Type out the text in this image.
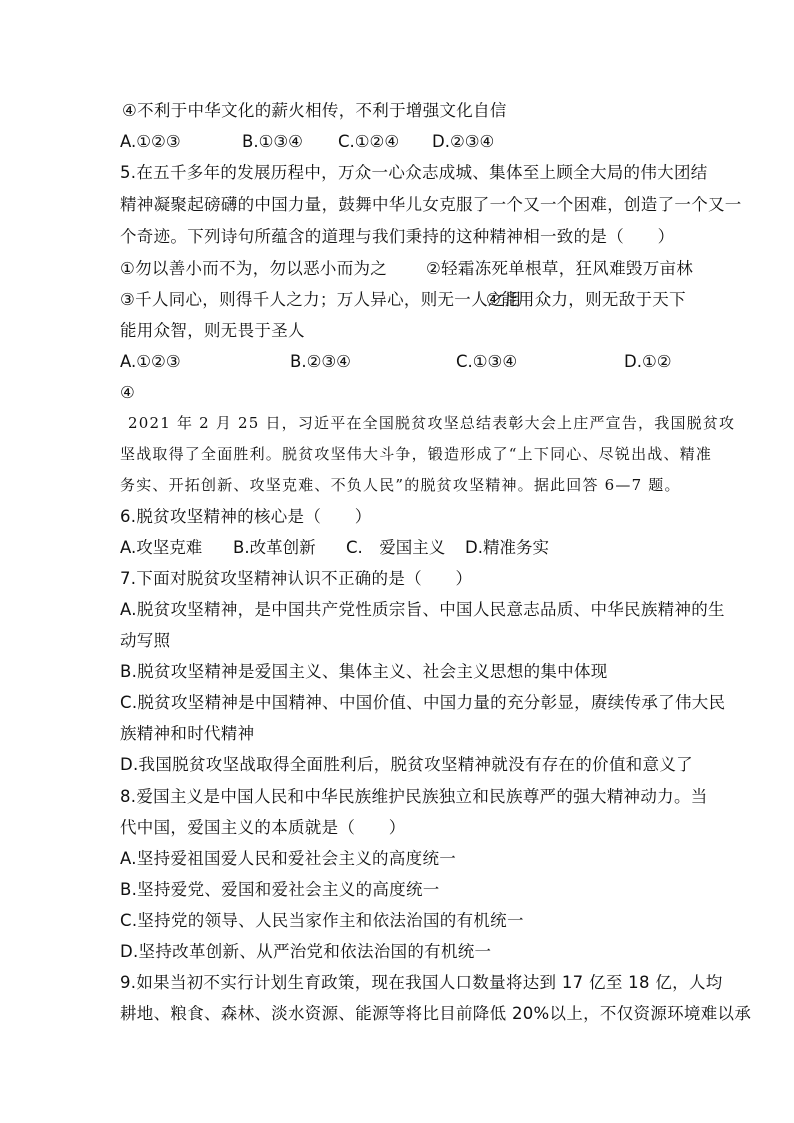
④不利于中华文化的薪火相传，不利于增强文化自信
A.①②③	B.①③④ C.①②④ D.②③④
5.在五千多年的发展历程中，万众一心众志成城、集体至上顾全大局的伟大团结
精神凝聚起磅礴的中国力量，鼓舞中华儿女克服了一个又一个困难，创造了一个又一
个奇迹。下列诗句所蕴含的道理与我们秉持的这种精神相一致的是（　　）
①勿以善小而不为，勿以恶小而为之 ②轻霜冻死单根草，狂风难毁万亩林
③千人同心，则得千人之力；万人异心，则无一人之用
④能用众力，则无敌于天下
能用众智，则无畏于圣人
A.①②③	B.②③④	C.①③④	D.①②
④
2021 年 2 月 25 日，习近平在全国脱贫攻坚总结表彰大会上庄严宣告，我国脱贫攻
坚战取得了全面胜利。脱贫攻坚伟大斗争，锻造形成了“上下同心、尽锐出战、精准
务实、开拓创新、攻坚克难、不负人民”的脱贫攻坚精神。据此回答 6—7 题。
6.脱贫攻坚精神的核心是（　　）
A.攻坚克难 B.改革创新 C.　爱国主义 D.精准务实
7.下面对脱贫攻坚精神认识不正确的是（　　）
A.脱贫攻坚精神，是中国共产党性质宗旨、中国人民意志品质、中华民族精神的生
动写照
B.脱贫攻坚精神是爱国主义、集体主义、社会主义思想的集中体现
C.脱贫攻坚精神是中国精神、中国价值、中国力量的充分彰显，赓续传承了伟大民
族精神和时代精神
D.我国脱贫攻坚战取得全面胜利后，脱贫攻坚精神就没有存在的价值和意义了
8.爱国主义是中国人民和中华民族维护民族独立和民族尊严的强大精神动力。当
代中国，爱国主义的本质就是（　　）
A.坚持爱祖国爱人民和爱社会主义的高度统一
B.坚持爱党、爱国和爱社会主义的高度统一
C.坚持党的领导、人民当家作主和依法治国的有机统一
D.坚持改革创新、从严治党和依法治国的有机统一
9.如果当初不实行计划生育政策，现在我国人口数量将达到 17 亿至 18 亿，人均
耕地、粮食、森林、淡水资源、能源等将比目前降低 20%以上，不仅资源环境难以承
